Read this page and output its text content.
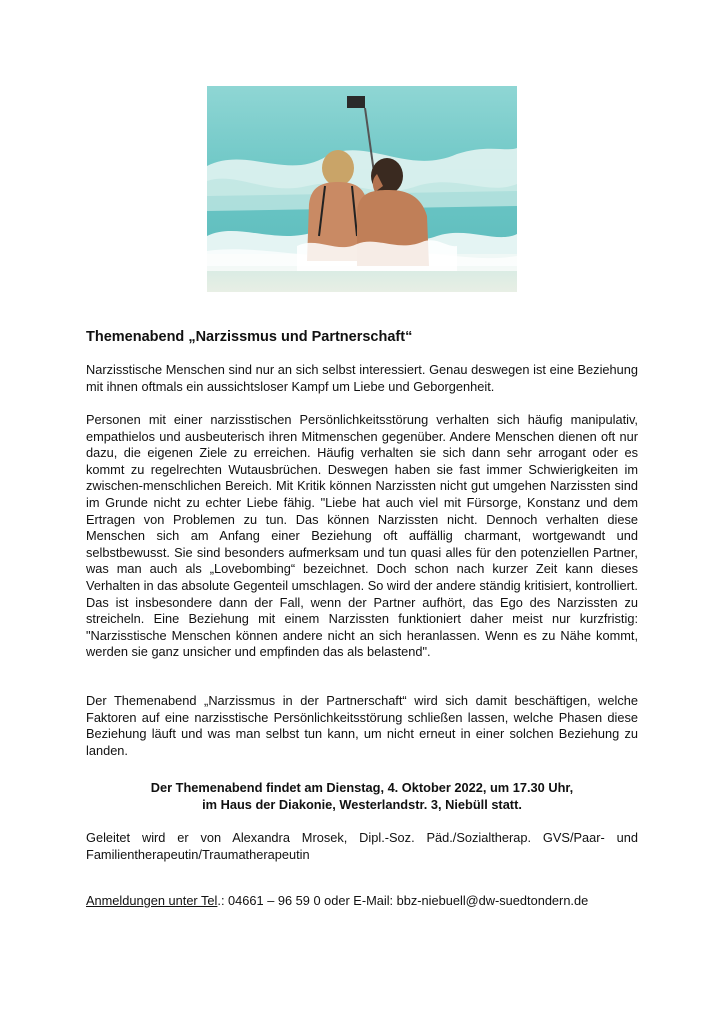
Themenabend „Narzissmus und Partnerschaft“

Narzisstische Menschen sind nur an sich selbst interessiert. Genau deswegen ist eine Beziehung mit ihnen oftmals ein aussichtsloser Kampf um Liebe und Geborgenheit.

Personen mit einer narzisstischen Persönlichkeitsstörung verhalten sich häufig manipulativ, empathielos und ausbeuterisch ihren Mitmenschen gegenüber. Andere Menschen dienen oft nur dazu, die eigenen Ziele zu erreichen. Häufig verhalten sie sich dann sehr arrogant oder es kommt zu regelrechten Wutausbrüchen. Deswegen haben sie fast immer Schwierigkeiten im zwischen-menschlichen Bereich. Mit Kritik können Narzissten nicht gut umgehen Narzissten sind im Grunde nicht zu echter Liebe fähig. "Liebe hat auch viel mit Fürsorge, Konstanz und dem Ertragen von Problemen zu tun. Das können Narzissten nicht. Dennoch verhalten diese Menschen sich am Anfang einer Beziehung oft auffällig charmant, wortgewandt und selbstbewusst. Sie sind besonders aufmerksam und tun quasi alles für den potenziellen Partner, was man auch als „Lovebombing“ bezeichnet. Doch schon nach kurzer Zeit kann dieses Verhalten in das absolute Gegenteil umschlagen. So wird der andere ständig kritisiert, kontrolliert. Das ist insbesondere dann der Fall, wenn der Partner aufhört, das Ego des Narzissten zu streicheln. Eine Beziehung mit einem Narzissten funktioniert daher meist nur kurzfristig: "Narzisstische Menschen können andere nicht an sich heranlassen. Wenn es zu Nähe kommt, werden sie ganz unsicher und empfinden das als belastend".

Der Themenabend „Narzissmus in der Partnerschaft“ wird sich damit beschäftigen, welche Faktoren auf eine narzisstische Persönlichkeitsstörung schließen lassen, welche Phasen diese Beziehung läuft und was man selbst tun kann, um nicht erneut in einer solchen Beziehung zu landen.

Der Themenabend findet am Dienstag, 4. Oktober 2022, um 17.30 Uhr,
im Haus der Diakonie, Westerlandstr. 3, Niebüll statt.

Geleitet wird er von Alexandra Mrosek, Dipl.-Soz. Päd./Sozialtherap. GVS/Paar- und Familientherapeutin/Traumatherapeutin

Anmeldungen unter Tel.: 04661 – 96 59 0 oder E-Mail: bbz-niebuell@dw-suedtondern.de
